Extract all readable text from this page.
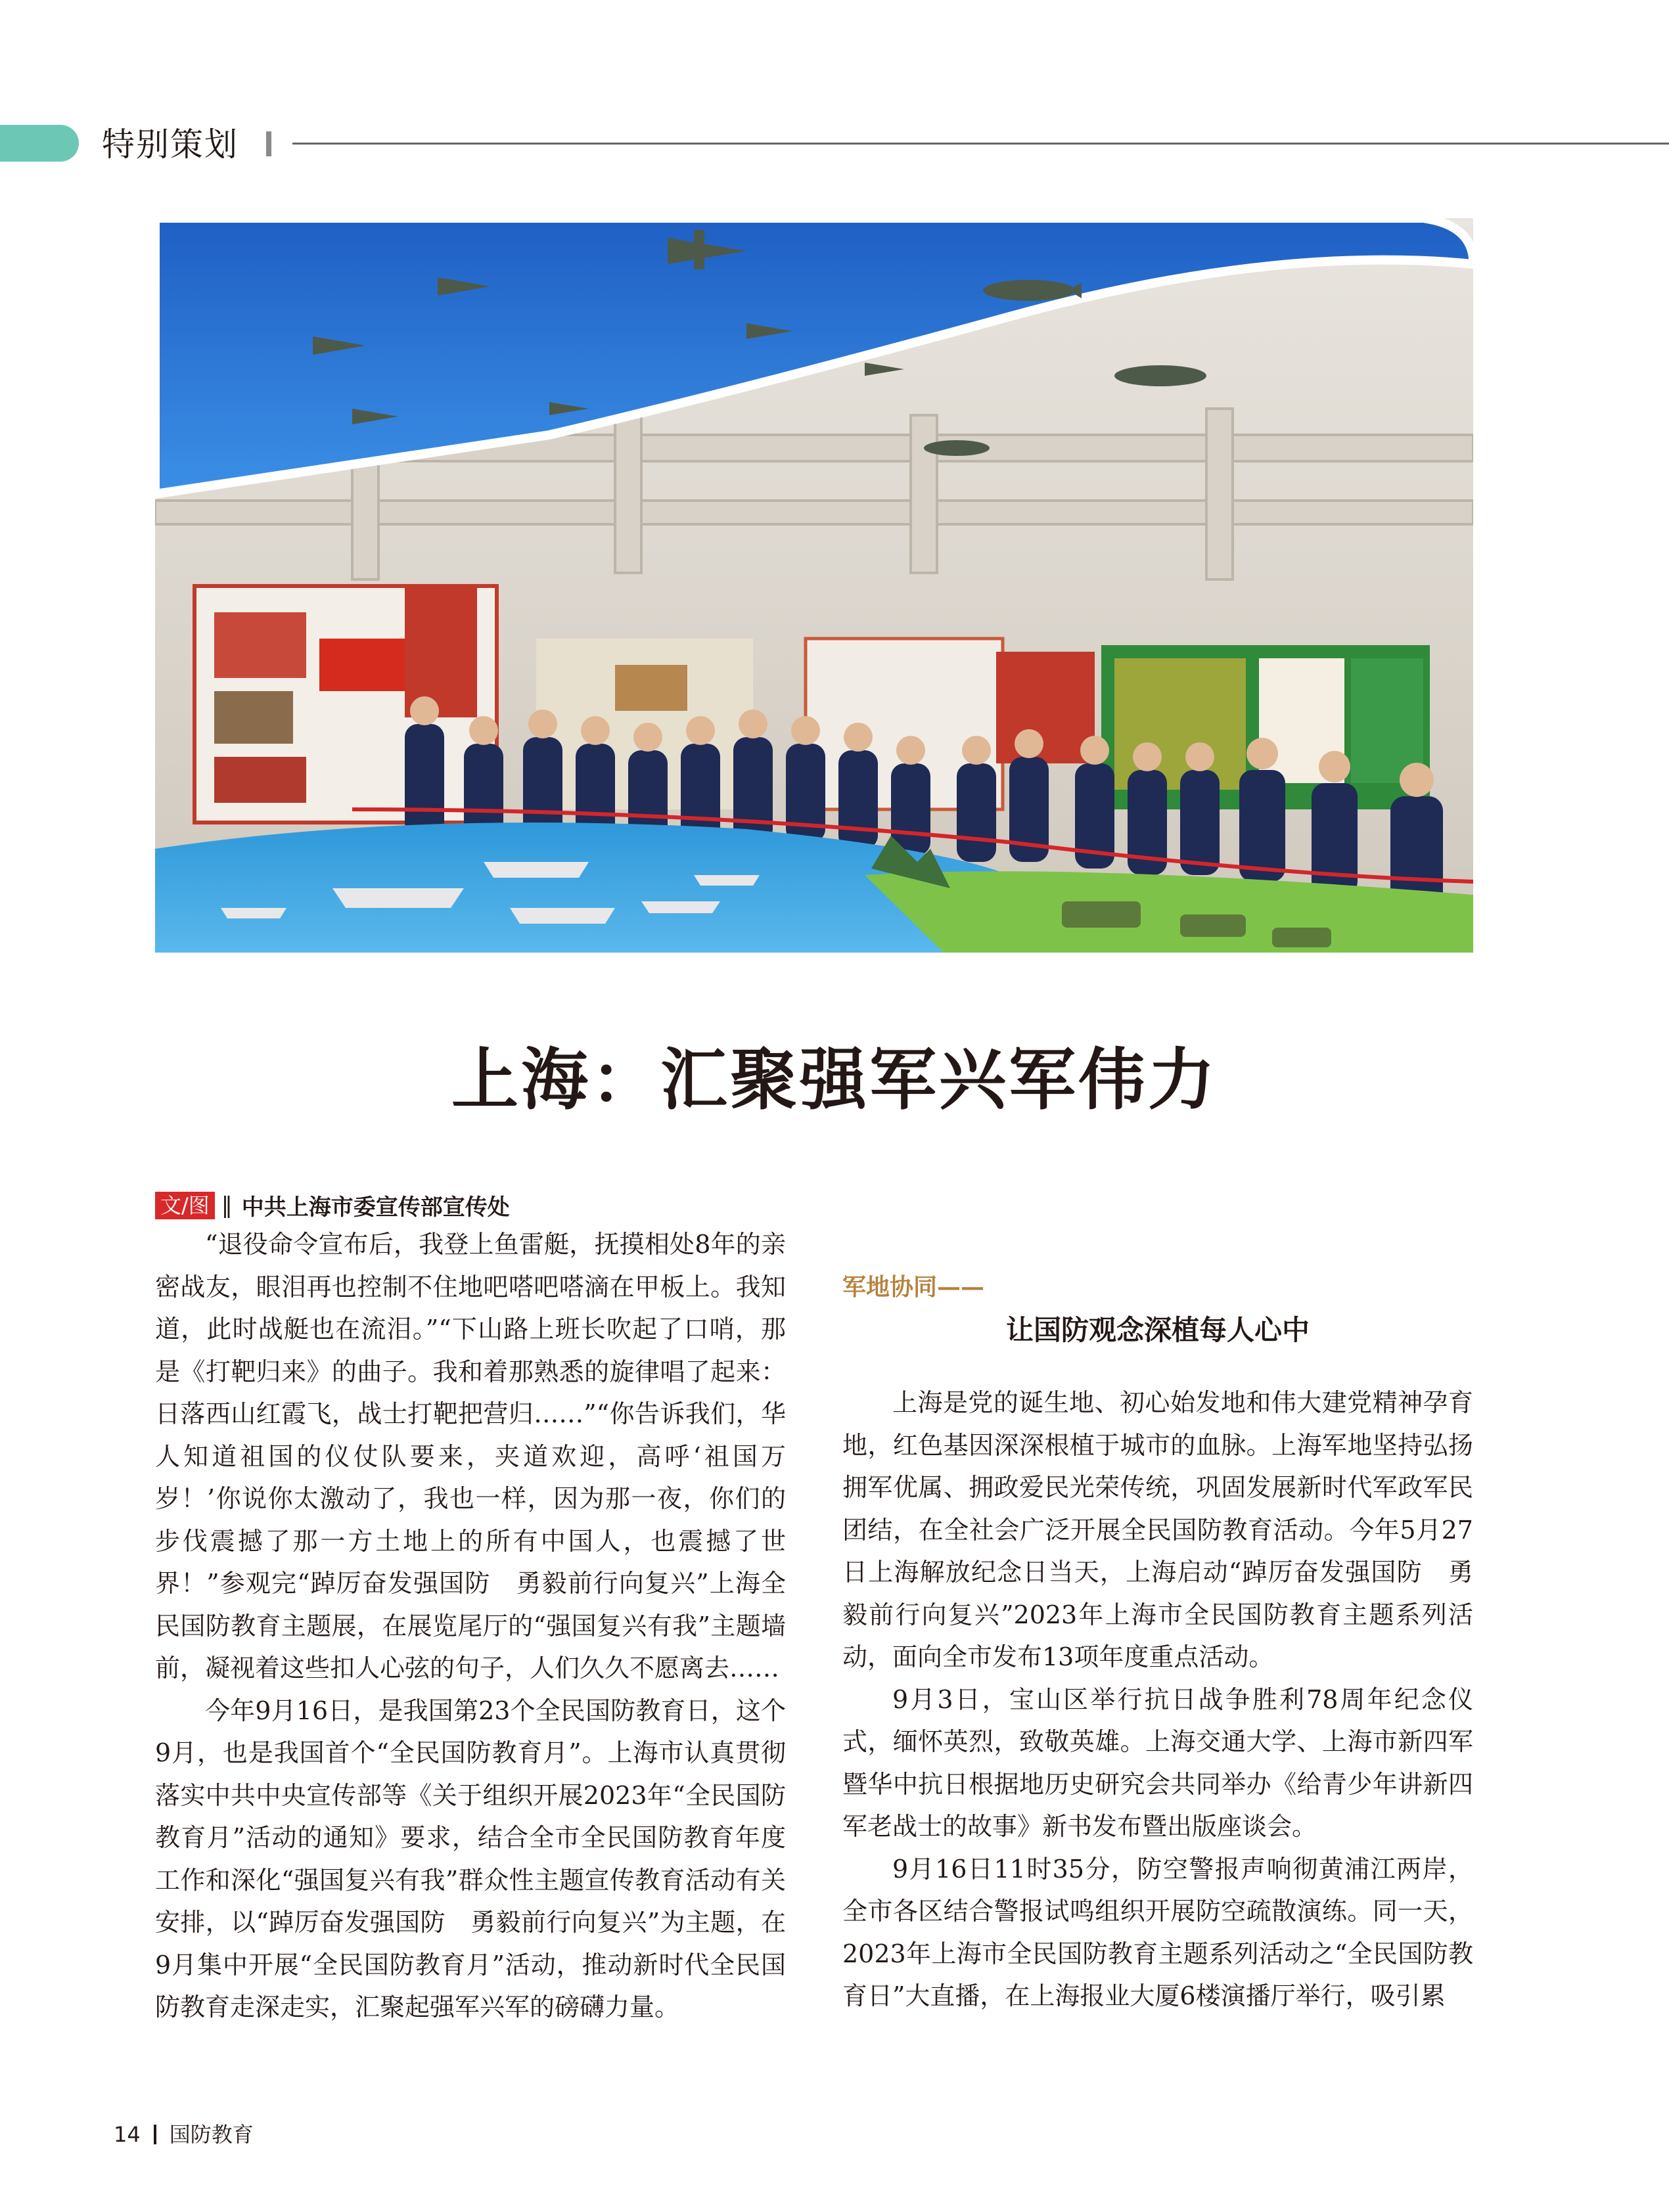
特别策划
上海：汇聚强军兴军伟力
文/图 ‖ 中共上海市委宣传部宣传处

“退役命令宣布后，我登上鱼雷艇，抚摸相处8年的亲密战友，眼泪再也控制不住地吧嗒吧嗒滴在甲板上。我知道，此时战艇也在流泪。”“下山路上班长吹起了口哨，那是《打靶归来》的曲子。我和着那熟悉的旋律唱了起来：日落西山红霞飞，战士打靶把营归……”“你告诉我们，华人知道祖国的仪仗队要来，夹道欢迎，高呼‘祖国万岁！’你说你太激动了，我也一样，因为那一夜，你们的步伐震撼了那一方土地上的所有中国人，也震撼了世界！”参观完“踔厉奋发强国防　勇毅前行向复兴”上海全民国防教育主题展，在展览尾厅的“强国复兴有我”主题墙前，凝视着这些扣人心弦的句子，人们久久不愿离去……

今年9月16日，是我国第23个全民国防教育日，这个9月，也是我国首个“全民国防教育月”。上海市认真贯彻落实中共中央宣传部等《关于组织开展2023年“全民国防教育月”活动的通知》要求，结合全市全民国防教育年度工作和深化“强国复兴有我”群众性主题宣传教育活动有关安排，以“踔厉奋发强国防　勇毅前行向复兴”为主题，在9月集中开展“全民国防教育月”活动，推动新时代全民国防教育走深走实，汇聚起强军兴军的磅礴力量。

军地协同——
让国防观念深植每人心中

上海是党的诞生地、初心始发地和伟大建党精神孕育地，红色基因深深根植于城市的血脉。上海军地坚持弘扬拥军优属、拥政爱民光荣传统，巩固发展新时代军政军民团结，在全社会广泛开展全民国防教育活动。今年5月27日上海解放纪念日当天，上海启动“踔厉奋发强国防　勇毅前行向复兴”2023年上海市全民国防教育主题系列活动，面向全市发布13项年度重点活动。

9月3日，宝山区举行抗日战争胜利78周年纪念仪式，缅怀英烈，致敬英雄。上海交通大学、上海市新四军暨华中抗日根据地历史研究会共同举办《给青少年讲新四军老战士的故事》新书发布暨出版座谈会。

9月16日11时35分，防空警报声响彻黄浦江两岸，全市各区结合警报试鸣组织开展防空疏散演练。同一天，2023年上海市全民国防教育主题系列活动之“全民国防教育日”大直播，在上海报业大厦6楼演播厅举行，吸引累

14 国防教育
